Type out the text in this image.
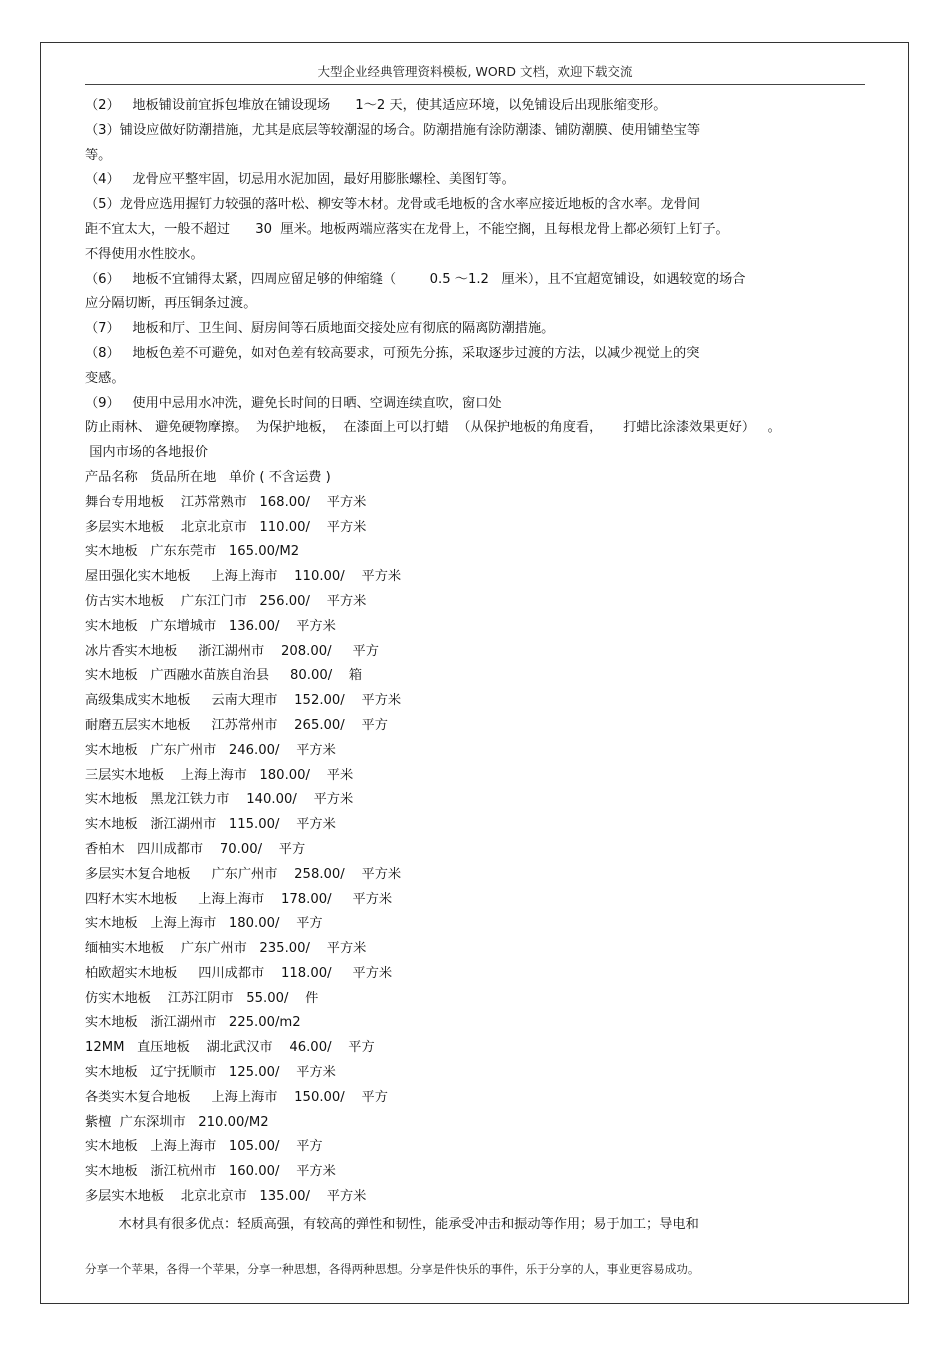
大型企业经典管理资料模板, WORD 文档，欢迎下载交流
（2）   地板铺设前宜拆包堆放在铺设现场      1～2 天，使其适应环境，以免铺设后出现胀缩变形。
（3）铺设应做好防潮措施，尤其是底层等较潮湿的场合。防潮措施有涂防潮漆、铺防潮膜、使用铺垫宝等
等。
（4）   龙骨应平整牢固，切忌用水泥加固，最好用膨胀螺栓、美图钉等。
（5）龙骨应选用握钉力较强的落叶松、柳安等木材。龙骨或毛地板的含水率应接近地板的含水率。龙骨间
距不宜太大，一般不超过      30  厘米。地板两端应落实在龙骨上，不能空搁，且每根龙骨上都必须钉上钉子。
不得使用水性胶水。
（6）   地板不宜铺得太紧，四周应留足够的伸缩缝（        0.5 ～1.2   厘米），且不宜超宽铺设，如遇较宽的场合
应分隔切断，再压铜条过渡。
（7）   地板和厅、卫生间、厨房间等石质地面交接处应有彻底的隔离防潮措施。
（8）   地板色差不可避免，如对色差有较高要求，可预先分拣，采取逐步过渡的方法，以减少视觉上的突
变感。
（9）   使用中忌用水冲洗，避免长时间的日晒、空调连续直吹，窗口处
防止雨林、 避免硬物摩擦。  为保护地板，  在漆面上可以打蜡  （从保护地板的角度看，     打蜡比涂漆效果更好）   。
国内市场的各地报价
产品名称   货品所在地   单价 ( 不含运费 )
舞台专用地板    江苏常熟市   168.00/    平方米
多层实木地板    北京北京市   110.00/    平方米
实木地板   广东东莞市   165.00/M2
屋田强化实木地板     上海上海市    110.00/    平方米
仿古实木地板    广东江门市   256.00/    平方米
实木地板   广东增城市   136.00/    平方米
冰片香实木地板     浙江湖州市    208.00/     平方
实木地板   广西融水苗族自治县     80.00/    箱
高级集成实木地板     云南大理市    152.00/    平方米
耐磨五层实木地板     江苏常州市    265.00/    平方
实木地板   广东广州市   246.00/    平方米
三层实木地板    上海上海市   180.00/    平米
实木地板   黑龙江铁力市    140.00/    平方米
实木地板   浙江湖州市   115.00/    平方米
香柏木   四川成都市    70.00/    平方
多层实木复合地板     广东广州市    258.00/    平方米
四籽木实木地板     上海上海市    178.00/     平方米
实木地板   上海上海市   180.00/    平方
缅柚实木地板    广东广州市   235.00/    平方米
柏欧超实木地板     四川成都市    118.00/     平方米
仿实木地板    江苏江阴市   55.00/    件
实木地板   浙江湖州市   225.00/m2
12MM   直压地板    湖北武汉市    46.00/    平方
实木地板   辽宁抚顺市   125.00/    平方米
各类实木复合地板     上海上海市    150.00/    平方
紫檀  广东深圳市   210.00/M2
实木地板   上海上海市   105.00/    平方
实木地板   浙江杭州市   160.00/    平方米
多层实木地板    北京北京市   135.00/    平方米
木材具有很多优点：轻质高强，有较高的弹性和韧性，能承受冲击和振动等作用；易于加工；导电和
分享一个苹果，各得一个苹果，分享一种思想，各得两种思想。分享是件快乐的事件，乐于分享的人，事业更容易成功。
